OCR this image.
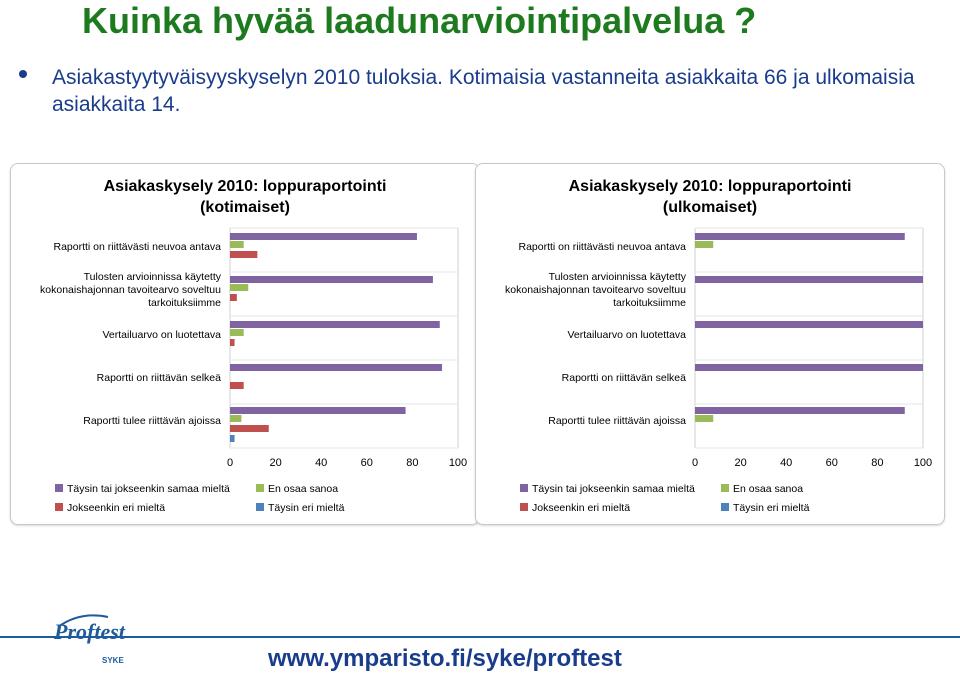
Kuinka hyvää laadunarviointipalvelua ?
Asiakastyytyväisyyskyselyn 2010 tuloksia. Kotimaisia vastanneita asiakkaita 66 ja ulkomaisia asiakkaita 14.
Asiakaskysely 2010: loppuraportointi
(kotimaiset)
Raportti on riittävästi neuvoa antava
Tulosten arvioinnissa käytetty
kokonaishajonnan tavoitearvo soveltuu
tarkoituksiimme
Vertailuarvo on luotettava
Raportti on riittävän selkeä
Raportti tulee riittävän ajoissa
0	20	40	60	80	100
Täysin tai jokseenkin samaa mieltä	En osaa sanoa
Jokseenkin eri mieltä	Täysin eri mieltä
Asiakaskysely 2010: loppuraportointi
(ulkomaiset)
Raportti on riittävästi neuvoa antava
Tulosten arvioinnissa käytetty
kokonaishajonnan tavoitearvo soveltuu
tarkoituksiimme
Vertailuarvo on luotettava
Raportti on riittävän selkeä
Raportti tulee riittävän ajoissa
0	20	40	60	80	100
Täysin tai jokseenkin samaa mieltä	En osaa sanoa
Jokseenkin eri mieltä	Täysin eri mieltä
Proftest
SYKE	www.ymparisto.fi/syke/proftest
